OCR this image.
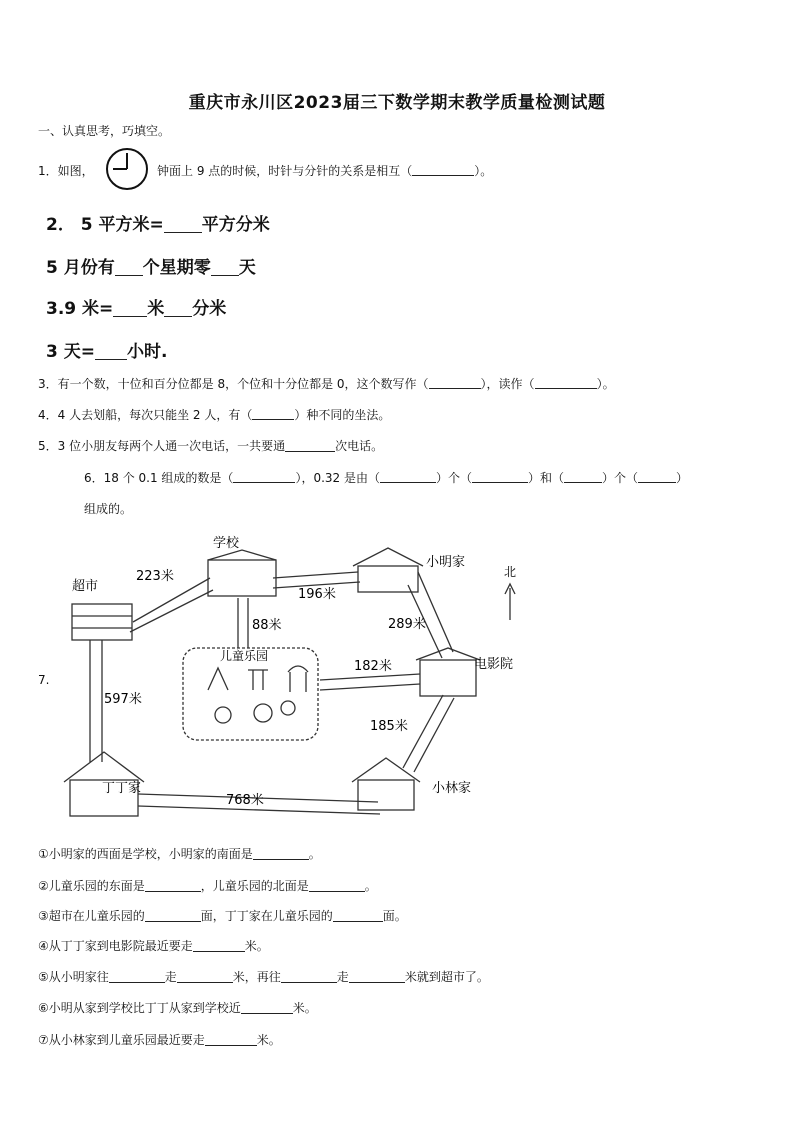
重庆市永川区2023届三下数学期末教学质量检测试题
一、认真思考，巧填空。
1．如图，	钟面上 9 点的时候，时针与分针的关系是相互（	）。
2． 5 平方米= 平方分米
5 月份有 个星期零 天
3.9 米= 米 分米
3 天= 小时.
3．有一个数，十位和百分位都是 8，个位和十分位都是 0，这个数写作（	），读作（	）。
4．4 人去划船，每次只能坐 2 人，有（	）种不同的坐法。
5．3 位小朋友每两个人通一次电话，一共要通	次电话。
6．18 个 0.1 组成的数是（	），0.32 是由（	）个（	）和（	）个（	）
组成的。
7.
学校
超市
小明家
电影院
儿童乐园
丁丁家	小林家
223米
196米
88米	289米
182米
185米
597米
768米
北
①小明家的西面是学校，小明家的南面是	。
②儿童乐园的东面是	，儿童乐园的北面是	。
③超市在儿童乐园的	面，丁丁家在儿童乐园的	面。
④从丁丁家到电影院最近要走	米。
⑤从小明家往	走	米，再往	走	米就到超市了。
⑥小明从家到学校比丁丁从家到学校近	米。
⑦从小林家到儿童乐园最近要走	米。
